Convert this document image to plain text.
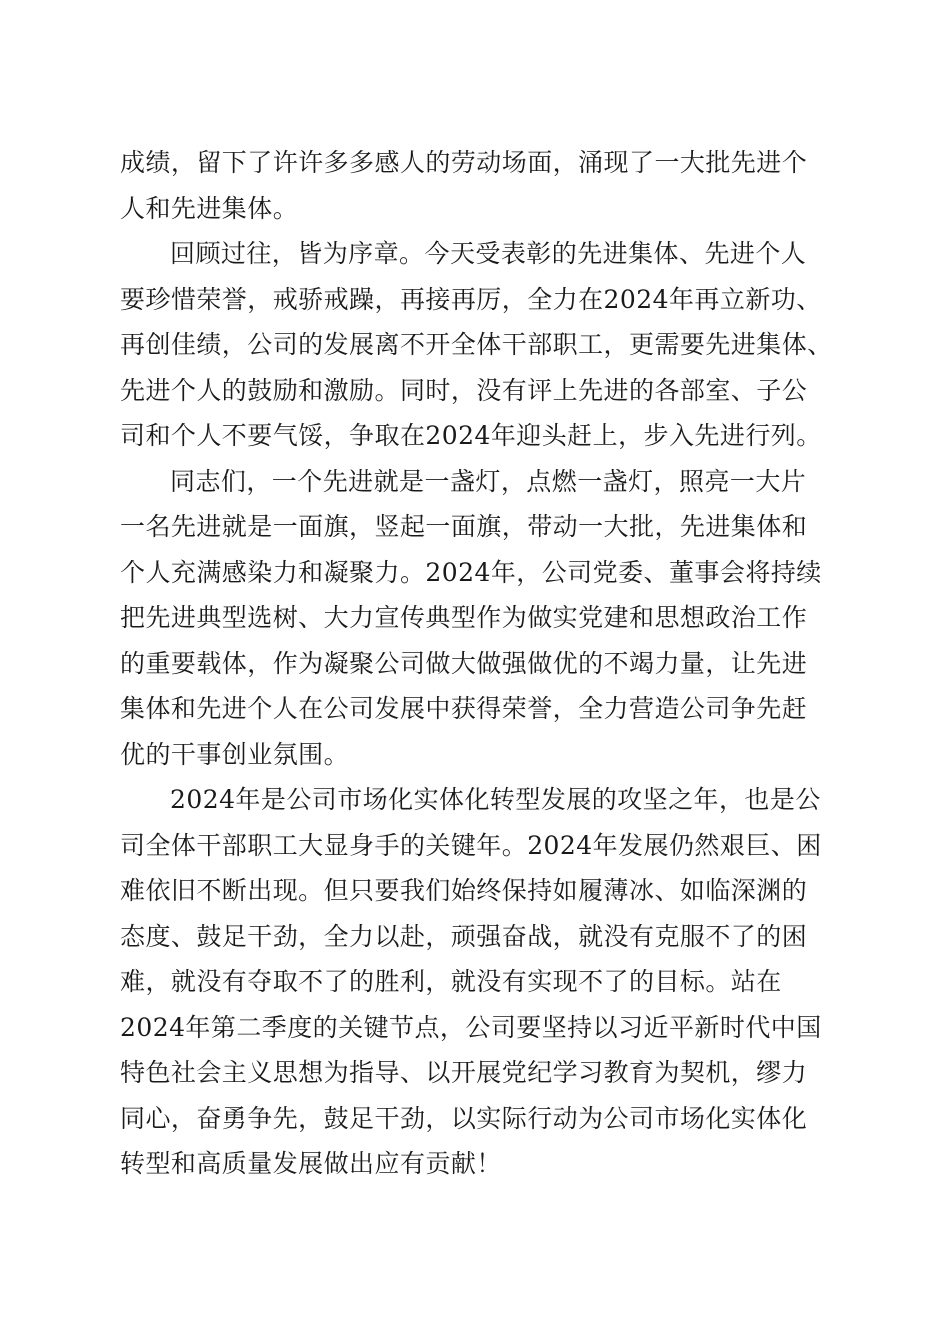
成绩，留下了许许多多感人的劳动场面，涌现了一大批先进个
人和先进集体。
回顾过往，皆为序章。今天受表彰的先进集体、先进个人
要珍惜荣誉，戒骄戒躁，再接再厉，全力在2024年再立新功、
再创佳绩，公司的发展离不开全体干部职工，更需要先进集体、
先进个人的鼓励和激励。同时，没有评上先进的各部室、子公
司和个人不要气馁，争取在2024年迎头赶上，步入先进行列。
同志们，一个先进就是一盏灯，点燃一盏灯，照亮一大片
一名先进就是一面旗，竖起一面旗，带动一大批，先进集体和
个人充满感染力和凝聚力。2024年，公司党委、董事会将持续
把先进典型选树、大力宣传典型作为做实党建和思想政治工作
的重要载体，作为凝聚公司做大做强做优的不竭力量，让先进
集体和先进个人在公司发展中获得荣誉，全力营造公司争先赶
优的干事创业氛围。
2024年是公司市场化实体化转型发展的攻坚之年，也是公
司全体干部职工大显身手的关键年。2024年发展仍然艰巨、困
难依旧不断出现。但只要我们始终保持如履薄冰、如临深渊的
态度、鼓足干劲，全力以赴，顽强奋战，就没有克服不了的困
难，就没有夺取不了的胜利，就没有实现不了的目标。站在
2024年第二季度的关键节点，公司要坚持以习近平新时代中国
特色社会主义思想为指导、以开展党纪学习教育为契机，缪力
同心，奋勇争先，鼓足干劲，以实际行动为公司市场化实体化
转型和高质量发展做出应有贡献！
